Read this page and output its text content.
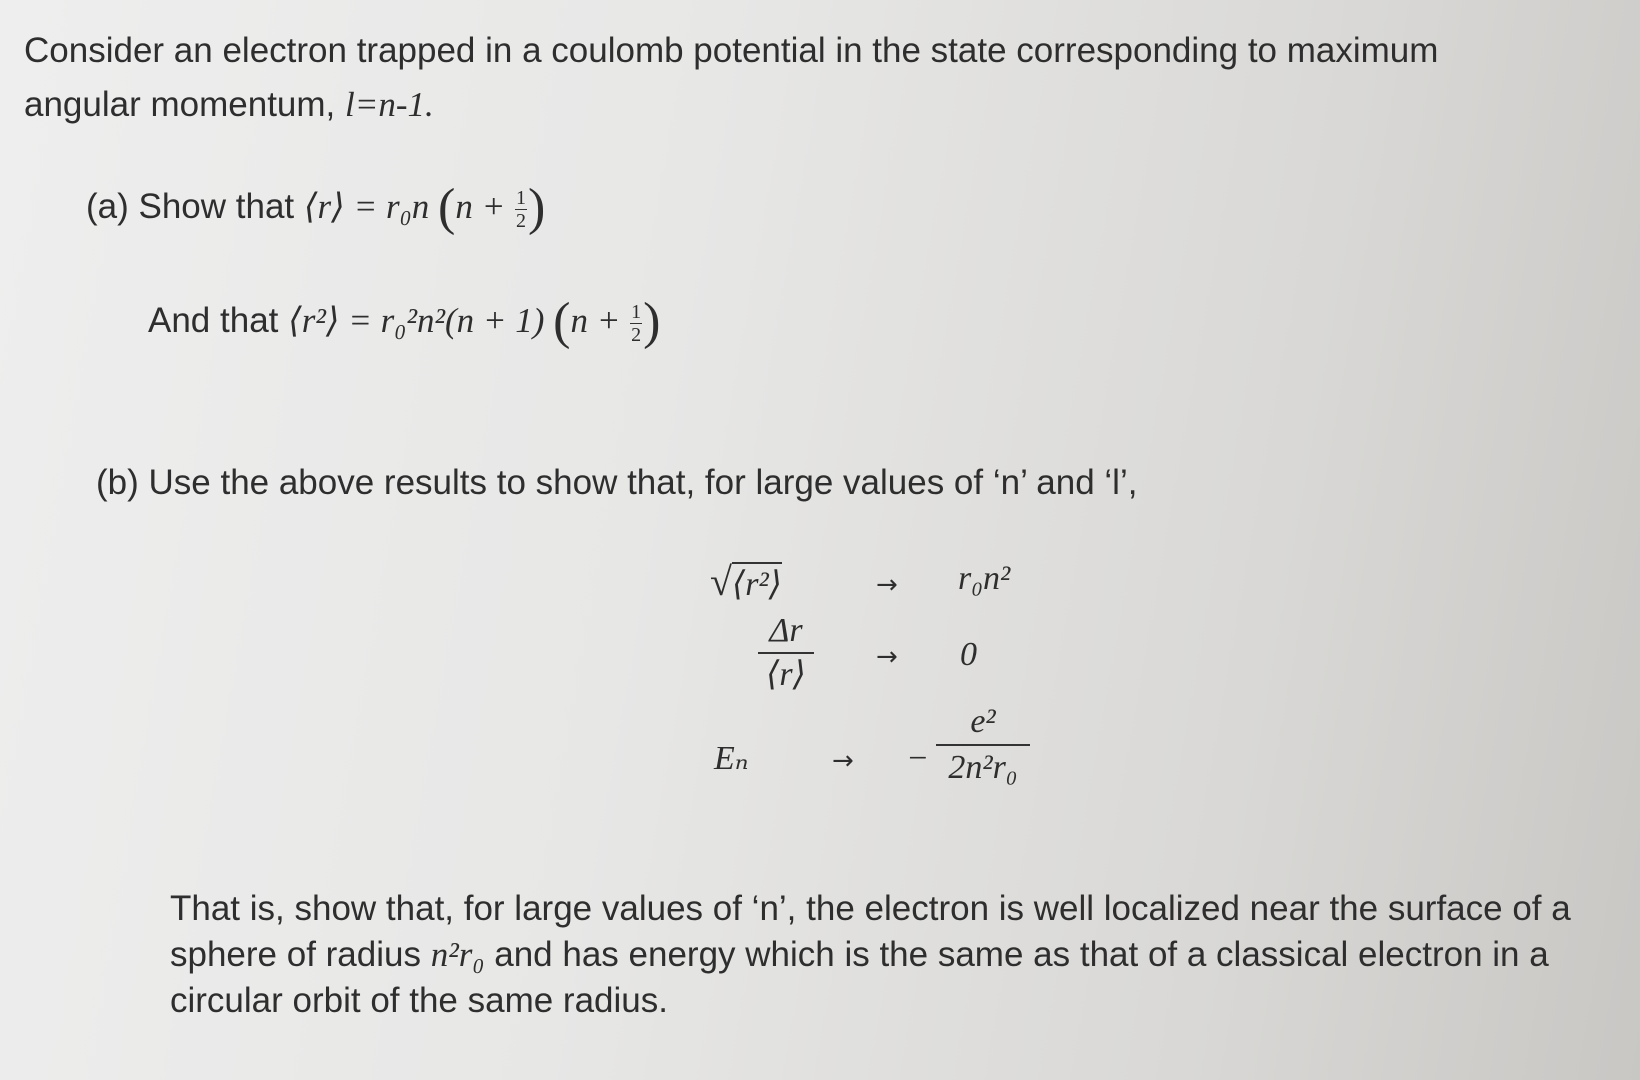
Consider an electron trapped in a coulomb potential in the state corresponding to maximum
angular momentum, l=n-1.
(a) Show that ⟨r⟩ = r₀n ($n + \frac{1}{2}$ )
And that ⟨r²⟩ = r₀²n²(n + 1) ($n + \frac{1}{2}$ )
(b) Use the above results to show that, for large values of ‘n’ and ‘l’,
√⟨r²⟩	→ r₀n²
Δr
⟨r⟩	→ 0
Eₙ	→ −
e²
2n²r₀
That is, show that, for large values of ‘n’, the electron is well localized near the surface of a
sphere of radius n²r₀ and has energy which is the same as that of a classical electron in a
circular orbit of the same radius.
